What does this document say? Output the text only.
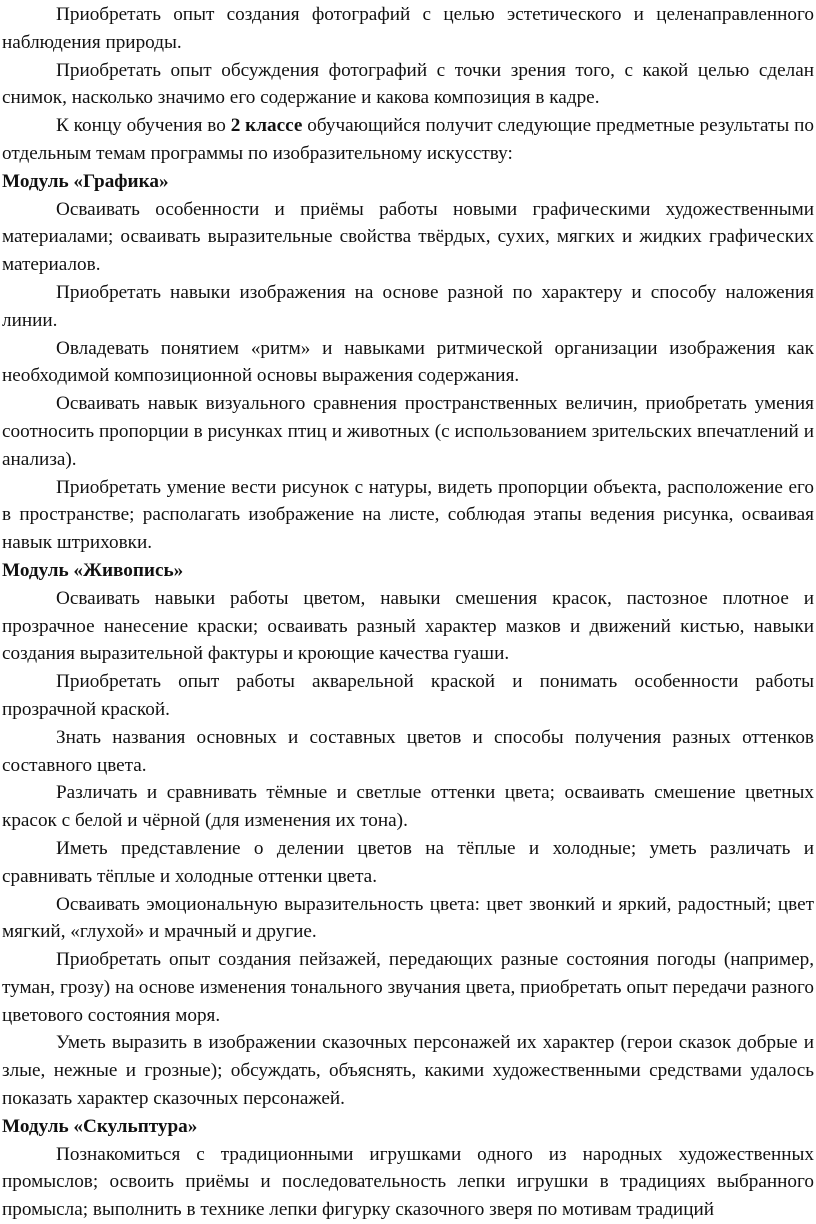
Приобретать опыт создания фотографий с целью эстетического и целенаправленного наблюдения природы.

Приобретать опыт обсуждения фотографий с точки зрения того, с какой целью сделан снимок, насколько значимо его содержание и какова композиция в кадре.

К концу обучения во 2 классе обучающийся получит следующие предметные результаты по отдельным темам программы по изобразительному искусству:

Модуль «Графика»

Осваивать особенности и приёмы работы новыми графическими художественными материалами; осваивать выразительные свойства твёрдых, сухих, мягких и жидких графических материалов.

Приобретать навыки изображения на основе разной по характеру и способу наложения линии.

Овладевать понятием «ритм» и навыками ритмической организации изображения как необходимой композиционной основы выражения содержания.

Осваивать навык визуального сравнения пространственных величин, приобретать умения соотносить пропорции в рисунках птиц и животных (с использованием зрительских впечатлений и анализа).

Приобретать умение вести рисунок с натуры, видеть пропорции объекта, расположение его в пространстве; располагать изображение на листе, соблюдая этапы ведения рисунка, осваивая навык штриховки.

Модуль «Живопись»

Осваивать навыки работы цветом, навыки смешения красок, пастозное плотное и прозрачное нанесение краски; осваивать разный характер мазков и движений кистью, навыки создания выразительной фактуры и кроющие качества гуаши.

Приобретать опыт работы акварельной краской и понимать особенности работы прозрачной краской.

Знать названия основных и составных цветов и способы получения разных оттенков составного цвета.

Различать и сравнивать тёмные и светлые оттенки цвета; осваивать смешение цветных красок с белой и чёрной (для изменения их тона).

Иметь представление о делении цветов на тёплые и холодные; уметь различать и сравнивать тёплые и холодные оттенки цвета.

Осваивать эмоциональную выразительность цвета: цвет звонкий и яркий, радостный; цвет мягкий, «глухой» и мрачный и другие.

Приобретать опыт создания пейзажей, передающих разные состояния погоды (например, туман, грозу) на основе изменения тонального звучания цвета, приобретать опыт передачи разного цветового состояния моря.

Уметь выразить в изображении сказочных персонажей их характер (герои сказок добрые и злые, нежные и грозные); обсуждать, объяснять, какими художественными средствами удалось показать характер сказочных персонажей.

Модуль «Скульптура»

Познакомиться с традиционными игрушками одного из народных художественных промыслов; освоить приёмы и последовательность лепки игрушки в традициях выбранного промысла; выполнить в технике лепки фигурку сказочного зверя по мотивам традиций
